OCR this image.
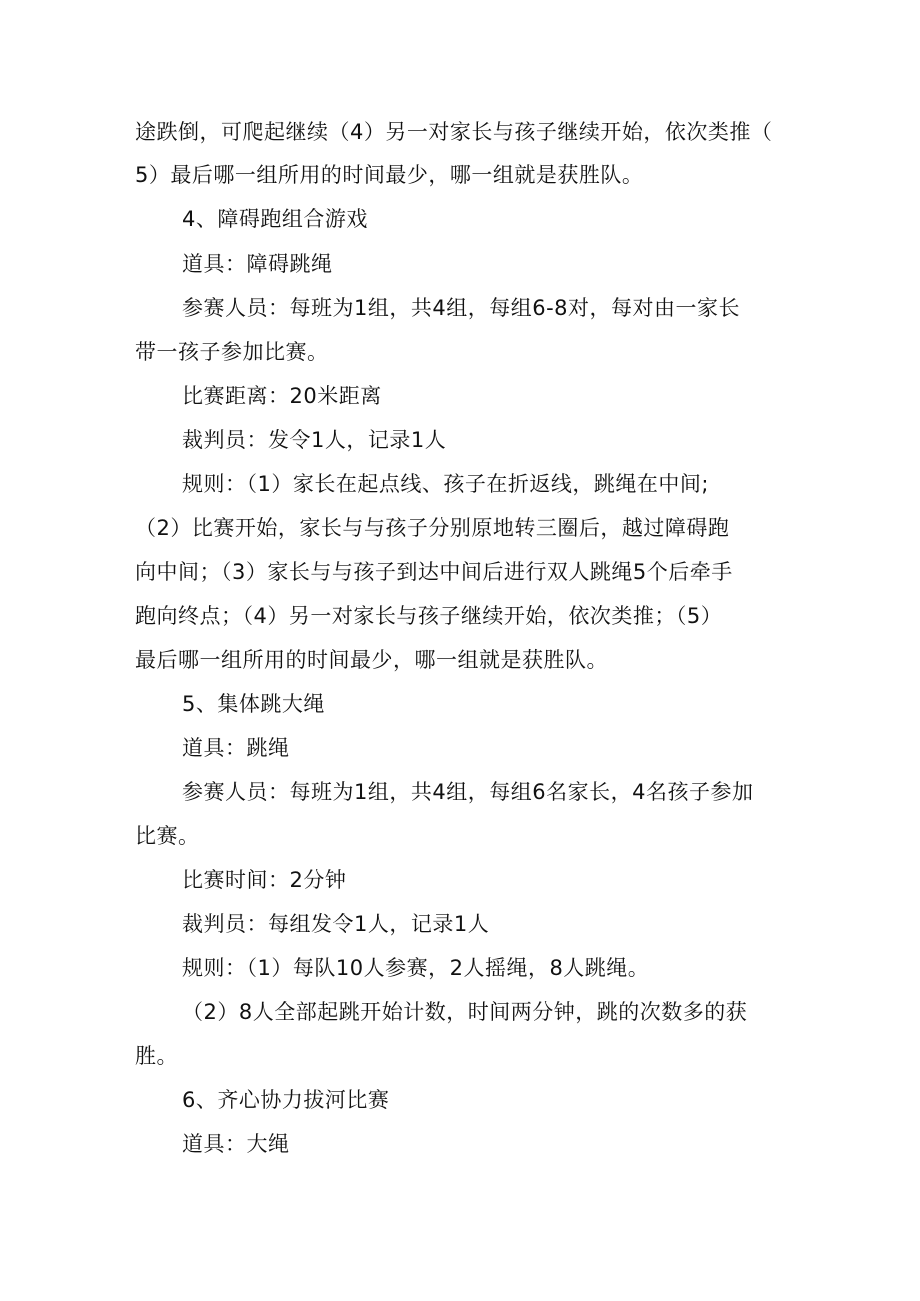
途跌倒，可爬起继续（4）另一对家长与孩子继续开始，依次类推（
5）最后哪一组所用的时间最少，哪一组就是获胜队。
4、障碍跑组合游戏
道具：障碍跳绳
参赛人员：每班为1组，共4组，每组6-8对，每对由一家长
带一孩子参加比赛。
比赛距离：20米距离
裁判员：发令1人，记录1人
规则：（1）家长在起点线、孩子在折返线，跳绳在中间;
（2）比赛开始，家长与与孩子分别原地转三圈后，越过障碍跑
向中间；（3）家长与与孩子到达中间后进行双人跳绳5个后牵手
跑向终点；（4）另一对家长与孩子继续开始，依次类推；（5）
最后哪一组所用的时间最少，哪一组就是获胜队。
5、集体跳大绳
道具：跳绳
参赛人员：每班为1组，共4组，每组6名家长，4名孩子参加
比赛。
比赛时间：2分钟
裁判员：每组发令1人，记录1人
规则：（1）每队10人参赛，2人摇绳，8人跳绳。
（2）8人全部起跳开始计数，时间两分钟，跳的次数多的获
胜。
6、齐心协力拔河比赛
道具：大绳
